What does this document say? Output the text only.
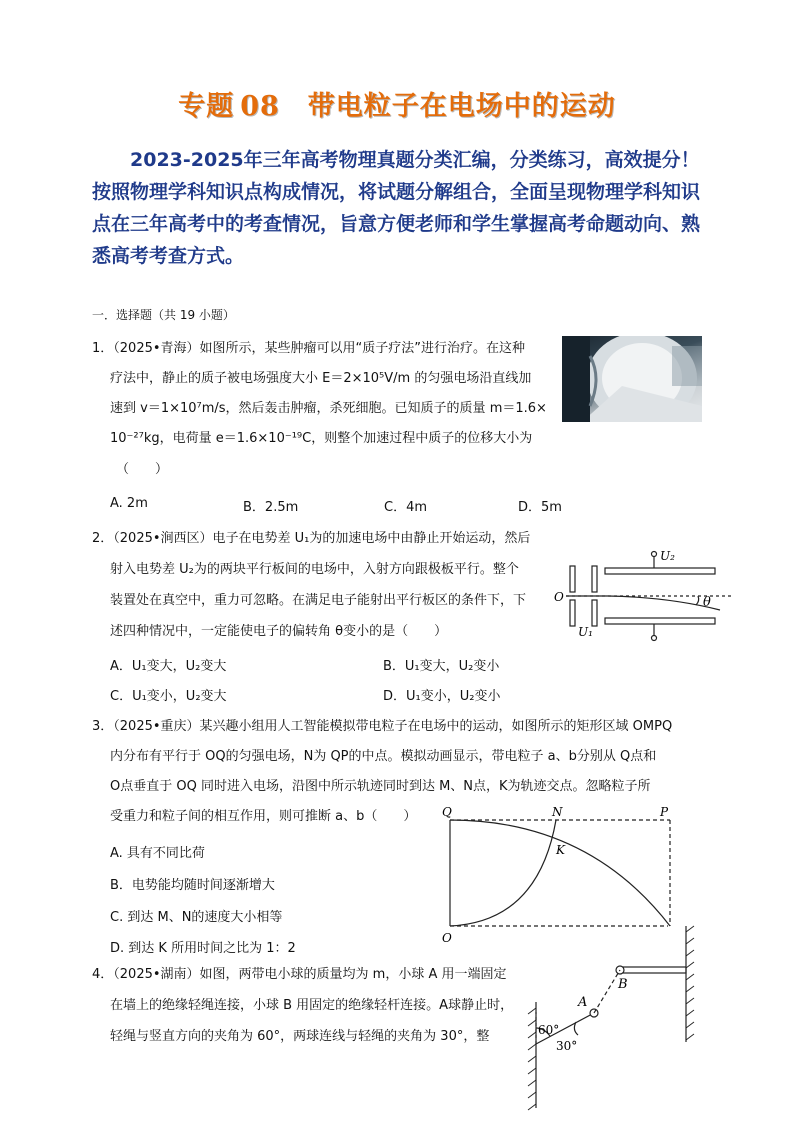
专题 08 带电粒子在电场中的运动
2023-2025年三年高考物理真题分类汇编，分类练习，高效提分！按照物理学科知识点构成情况，将试题分解组合，全面呈现物理学科知识点在三年高考中的考查情况，旨意方便老师和学生掌握高考命题动向、熟悉高考考查方式。
一．选择题（共 19 小题）
1．（2025•青海）如图所示，某些肿瘤可以用“质子疗法”进行治疗。在这种
疗法中，静止的质子被电场强度大小 E＝2×10⁵V/m 的匀强电场沿直线加
速到 v＝1×10⁷m/s，然后轰击肿瘤，杀死细胞。已知质子的质量 m＝1.6×
10⁻²⁷kg，电荷量 e＝1.6×10⁻¹⁹C，则整个加速过程中质子的位移大小为
（　　）
A. 2m	B．2.5m	C．4m	D．5m
2．（2025•涧西区）电子在电势差 U₁为的加速电场中由静止开始运动，然后
射入电势差 U₂为的两块平行板间的电场中，入射方向跟极板平行。整个
装置处在真空中，重力可忽略。在满足电子能射出平行板区的条件下，下
述四种情况中，一定能使电子的偏转角 θ变小的是（　　）
A．U₁变大，U₂变大	B．U₁变大，U₂变小
C．U₁变小，U₂变大	D．U₁变小，U₂变小
O
U₂
U₁
θ
3．（2025•重庆）某兴趣小组用人工智能模拟带电粒子在电场中的运动，如图所示的矩形区域 OMPQ
内分布有平行于 OQ的匀强电场，N为 QP的中点。模拟动画显示，带电粒子 a、b分别从 Q点和
O点垂直于 OQ 同时进入电场，沿图中所示轨迹同时到达 M、N点，K为轨迹交点。忽略粒子所
受重力和粒子间的相互作用，则可推断 a、b（　　）
A. 具有不同比荷
B．电势能均随时间逐渐增大
C. 到达 M、N的速度大小相等
D. 到达 K 所用时间之比为 1：2
Q	N	P
K
O
4．（2025•湖南）如图，两带电小球的质量均为 m，小球 A 用一端固定
在墙上的绝缘轻绳连接，小球 B 用固定的绝缘轻杆连接。A球静止时，
轻绳与竖直方向的夹角为 60°，两球连线与轻绳的夹角为 30°，整
A
B
60°
30°
